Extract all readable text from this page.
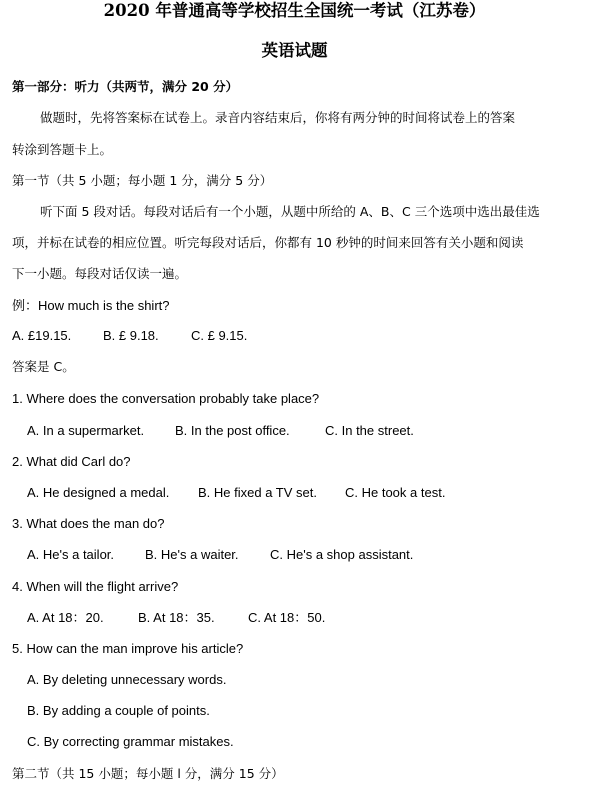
2020 年普通高等学校招生全国统一考试（江苏卷）
英语试题
第一部分：听力（共两节，满分 20 分）
做题时，先将答案标在试卷上。录音内容结束后，你将有两分钟的时间将试卷上的答案
转涂到答题卡上。
第一节（共 5 小题；每小题 1 分，满分 5 分）
听下面 5 段对话。每段对话后有一个小题，从题中所给的 A、B、C 三个选项中选出最佳选
项，并标在试卷的相应位置。听完每段对话后，你都有 10 秒钟的时间来回答有关小题和阅读
下一小题。每段对话仅读一遍。
例：How much is the shirt?
A. £19.15. B. £ 9.18. C. £ 9.15.
答案是 C。
1. Where does the conversation probably take place?
A. In a supermarket. B. In the post office.	C. In the street.
2. What did Carl do?
A. He designed a medal. B. He fixed a TV set. C. He took a test.
3. What does the man do?
A. He's a tailor. B. He's a waiter. C. He's a shop assistant.
4. When will the flight arrive?
A. At 18：20.	B. At 18：35.	C. At 18：50.
5. How can the man improve his article?
A. By deleting unnecessary words.
B. By adding a couple of points.
C. By correcting grammar mistakes.
第二节（共 15 小题；每小题 l 分，满分 15 分）
